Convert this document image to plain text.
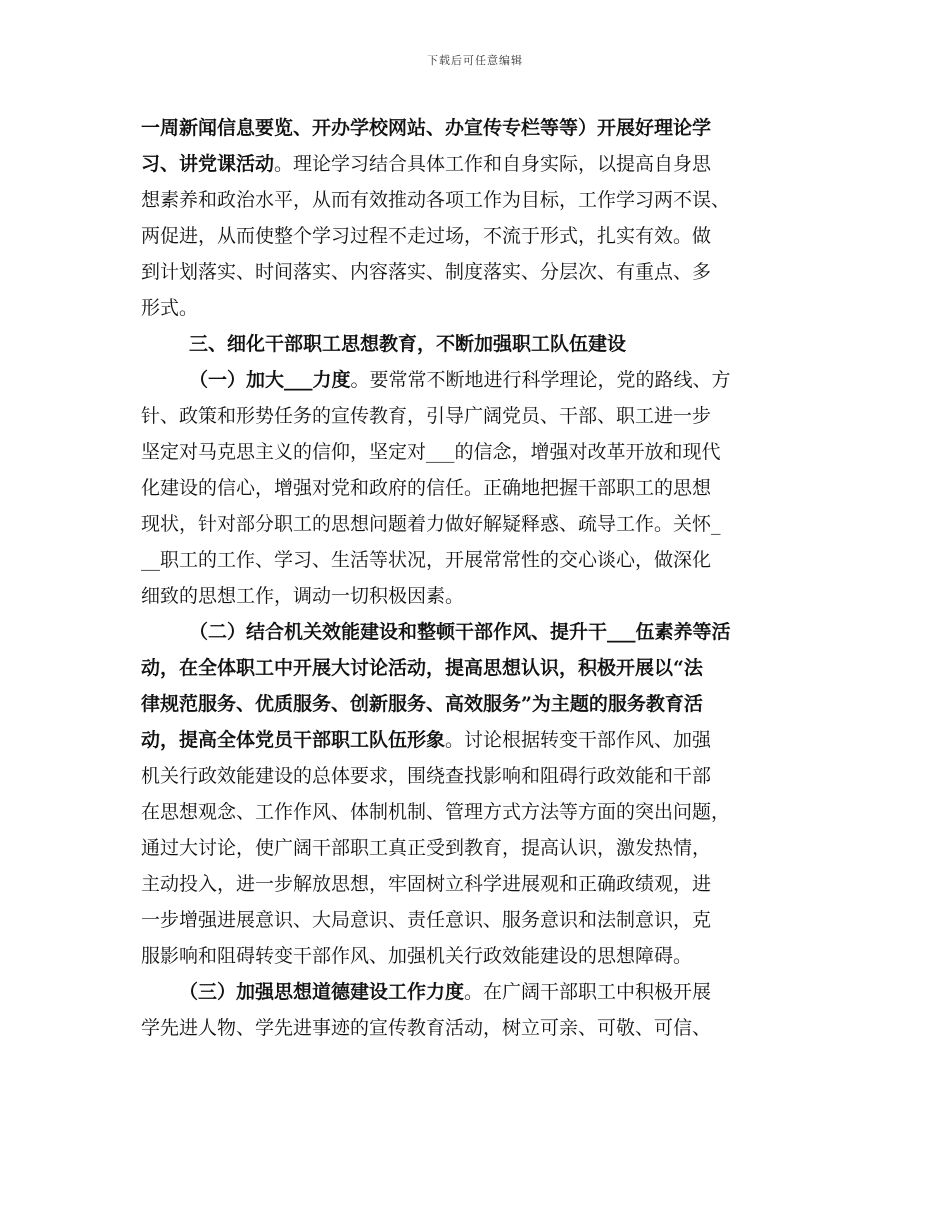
下载后可任意编辑
一周新闻信息要览、开办学校网站、办宣传专栏等等）开展好理论学
习、讲党课活动。理论学习结合具体工作和自身实际，以提高自身思
想素养和政治水平，从而有效推动各项工作为目标，工作学习两不误、
两促进，从而使整个学习过程不走过场，不流于形式，扎实有效。做
到计划落实、时间落实、内容落实、制度落实、分层次、有重点、多
形式。
三、细化干部职工思想教育，不断加强职工队伍建设
（一）加大___力度。要常常不断地进行科学理论，党的路线、方
针、政策和形势任务的宣传教育，引导广阔党员、干部、职工进一步
坚定对马克思主义的信仰，坚定对___的信念，增强对改革开放和现代
化建设的信心，增强对党和政府的信任。正确地把握干部职工的思想
现状，针对部分职工的思想问题着力做好解疑释惑、疏导工作。关怀_
__职工的工作、学习、生活等状况，开展常常性的交心谈心，做深化
细致的思想工作，调动一切积极因素。
（二）结合机关效能建设和整顿干部作风、提升干___伍素养等活
动，在全体职工中开展大讨论活动，提高思想认识，积极开展以“法
律规范服务、优质服务、创新服务、高效服务”为主题的服务教育活
动，提高全体党员干部职工队伍形象。讨论根据转变干部作风、加强
机关行政效能建设的总体要求，围绕查找影响和阻碍行政效能和干部
在思想观念、工作作风、体制机制、管理方式方法等方面的突出问题，
通过大讨论，使广阔干部职工真正受到教育，提高认识，激发热情，
主动投入，进一步解放思想，牢固树立科学进展观和正确政绩观，进
一步增强进展意识、大局意识、责任意识、服务意识和法制意识，克
服影响和阻碍转变干部作风、加强机关行政效能建设的思想障碍。
（三）加强思想道德建设工作力度。在广阔干部职工中积极开展
学先进人物、学先进事迹的宣传教育活动，树立可亲、可敬、可信、
